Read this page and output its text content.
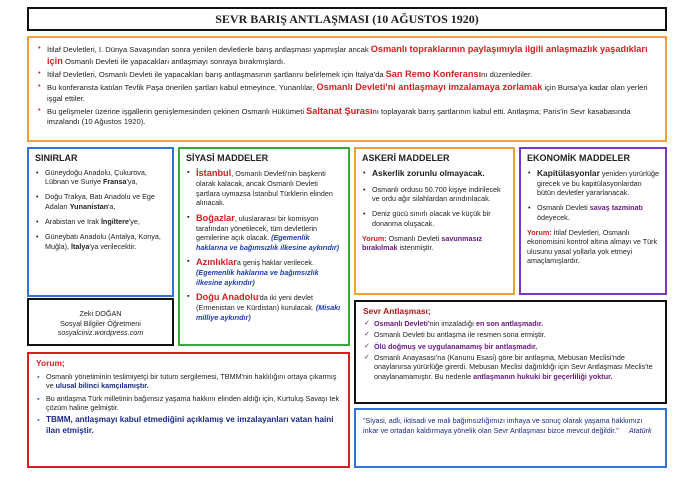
SEVR BARIŞ ANTLAŞMASI (10 AĞUSTOS 1920)
• İtilaf Devletleri, I. Dünya Savaşından sonra yenilen devletlerle barış antlaşması yapmışlar ancak Osmanlı topraklarının paylaşımıyla ilgili anlaşmazlık yaşadıkları için Osmanlı Devleti ile yapacakları antlaşmayı sonraya bırakmışlardı.
• İtilaf Devletleri, Osmanlı Devleti ile yapacakları barış antlaşmasının şartlarını belirlemek için İtalya'da San Remo Konferansını düzenlediler.
• Bu konferansta katılan Tevfik Paşa önerilen şartları kabul etmeyince, Yunanlılar, Osmanlı Devleti'ni antlaşmayı imzalamaya zorlamak için Bursa'ya kadar olan yerleri işgal ettiler.
• Bu gelişmeler üzerine işgallerin genişlemesinden çekinen Osmanlı Hükümeti Saltanat Şurasını toplayarak barış şartlarının kabul etti. Antlaşma; Paris'in Sevr kasabasında imzalandı (10 Ağustos 1920).
SINIRLAR
• Güneydoğu Anadolu, Çukurova, Lübnan ve Suriye Fransa'ya,
• Doğu Trakya, Batı Anadolu ve Ege Adaları Yunanistan'a,
• Arabistan ve Irak İngiltere'ye,
• Güneybatı Anadolu (Antalya, Konya, Muğla), İtalya'ya verilecektir.
Zeki DOĞAN
Sosyal Bilgiler Öğretmeni
sosyalciniz.wordpress.com
SİYASİ MADDELER
▪ İstanbul, Osmanlı Devleti'nin başkenti olarak kalacak, ancak Osmanlı Devleti şartlara uymazsa İstanbul Türklerin elinden alınacak.
▪ Boğazlar, uluslararası bir komisyon tarafından yönetilecek, tüm devletlerin gemilerine açık olacak. (Egemenlik haklarına ve bağımsızlık ilkesine aykırıdır)
▪ Azınlıklara geniş haklar verilecek. (Egemenlik haklarına ve bağımsızlık ilkesine aykırıdır)
▪ Doğu Anadolu'da iki yeni devlet (Ermenistan ve Kürdistan) kurulacak. (Misakı milliye aykırıdır)
ASKERİ MADDELER
• Askerlik zorunlu olmayacak.
• Osmanlı ordusu 50.700 kişiye indirilecek ve ordu ağır silahlardan arındırılacak.
• Deniz gücü sınırlı olacak ve küçük bir donanma oluşacak.
Yorum: Osmanlı Devleti savunmasız bırakılmak istenmiştir.
EKONOMİK MADDELER
• Kapitülasyonlar yeniden yürürlüğe girecek ve bu kapitülasyonlardan bütün devletler yararlanacak.
• Osmanlı Devleti savaş tazminatı ödeyecek.
Yorum: İtilaf Devletleri, Osmanlı ekonomisini kontrol altına almayı ve Türk ulusunu yasal yollarla yok etmeyi amaçlamışlardır.
Sevr Antlaşması;
✓ Osmanlı Devleti'nin imzaladığı en son antlaşmadır.
✓ Osmanlı Devleti bu antlaşma ile resmen sona ermiştir.
✓ Ölü doğmuş ve uygulanamamış bir antlaşmadır.
✓ Osmanlı Anayasası'na (Kanunu Esasi) göre bir antlaşma, Mebusan Meclisi'nde onaylanırsa yürürlüğe girerdi. Mebusan Meclisi dağıtıldığı için Sevr Antlaşması Meclis'te onaylanamamıştır. Bu nedenle antlaşmanın hukuki bir geçerliliği yoktur.
Yorum;
▪ Osmanlı yönetiminin teslimiyetçi bir tutum sergilemesi, TBMM'nin haklılığını ortaya çıkarmış ve ulusal bilinci kamçılamıştır.
▪ Bu antlaşma Türk milletinin bağımsız yaşama hakkını elinden aldığı için, Kurtuluş Savaşı tek çözüm haline gelmiştir.
▪ TBMM, antlaşmayı kabul etmediğini açıklamış ve imzalayanları vatan haini ilan etmiştir.
"Siyasi, adli, iktisadi ve mali bağımsızlığımızı imhaya ve sonuç olarak yaşama hakkımızı inkar ve ortadan kaldırmaya yönelik olan Sevr Antlaşması bizce mevcut değildir." Atatürk
